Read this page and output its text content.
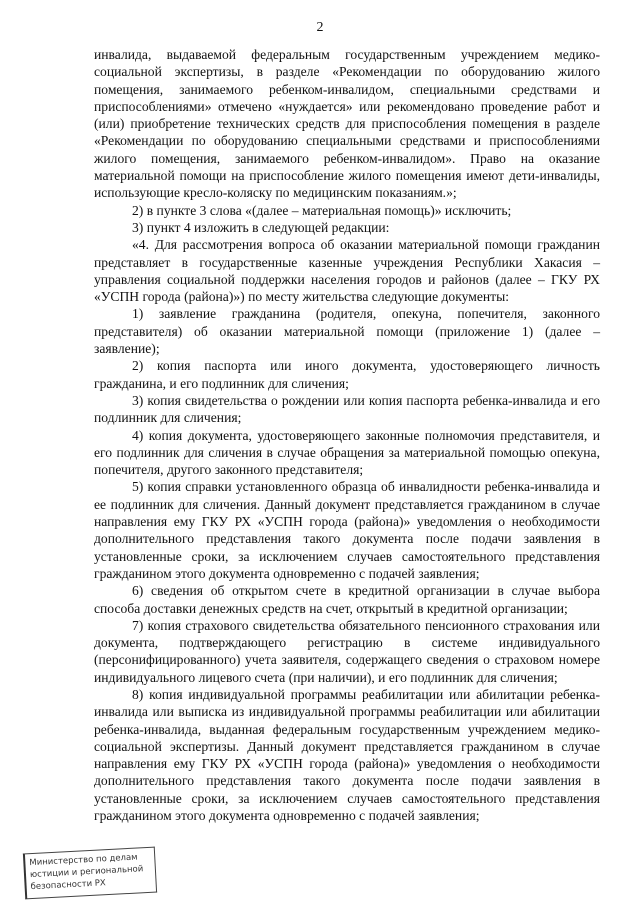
2

инвалида, выдаваемой федеральным государственным учреждением медико-социальной экспертизы, в разделе «Рекомендации по оборудованию жилого помещения, занимаемого ребенком-инвалидом, специальными средствами и приспособлениями» отмечено «нуждается» или рекомендовано проведение работ и (или) приобретение технических средств для приспособления помещения в разделе «Рекомендации по оборудованию специальными средствами и приспособлениями жилого помещения, занимаемого ребенком-инвалидом». Право на оказание материальной помощи на приспособление жилого помещения имеют дети-инвалиды, использующие кресло-коляску по медицинским показаниям.»;

2) в пункте 3 слова «(далее – материальная помощь)» исключить;

3) пункт 4 изложить в следующей редакции:

«4. Для рассмотрения вопроса об оказании материальной помощи гражданин представляет в государственные казенные учреждения Республики Хакасия – управления социальной поддержки населения городов и районов (далее – ГКУ РХ «УСПН города (района)») по месту жительства следующие документы:

1) заявление гражданина (родителя, опекуна, попечителя, законного представителя) об оказании материальной помощи (приложение 1) (далее – заявление);

2) копия паспорта или иного документа, удостоверяющего личность гражданина, и его подлинник для сличения;

3) копия свидетельства о рождении или копия паспорта ребенка-инвалида и его подлинник для сличения;

4) копия документа, удостоверяющего законные полномочия представителя, и его подлинник для сличения в случае обращения за материальной помощью опекуна, попечителя, другого законного представителя;

5) копия справки установленного образца об инвалидности ребенка-инвалида и ее подлинник для сличения. Данный документ представляется гражданином в случае направления ему ГКУ РХ «УСПН города (района)» уведомления о необходимости дополнительного представления такого документа после подачи заявления в установленные сроки, за исключением случаев самостоятельного представления гражданином этого документа одновременно с подачей заявления;

6) сведения об открытом счете в кредитной организации в случае выбора способа доставки денежных средств на счет, открытый в кредитной организации;

7) копия страхового свидетельства обязательного пенсионного страхования или документа, подтверждающего регистрацию в системе индивидуального (персонифицированного) учета заявителя, содержащего сведения о страховом номере индивидуального лицевого счета (при наличии), и его подлинник для сличения;

8) копия индивидуальной программы реабилитации или абилитации ребенка-инвалида или выписка из индивидуальной программы реабилитации или абилитации ребенка-инвалида, выданная федеральным государственным учреждением медико-социальной экспертизы. Данный документ представляется гражданином в случае направления ему ГКУ РХ «УСПН города (района)» уведомления о необходимости дополнительного представления такого документа после подачи заявления в установленные сроки, за исключением случаев самостоятельного представления гражданином этого документа одновременно с подачей заявления;

Министерство по делам
юстиции и региональной
безопасности РХ
